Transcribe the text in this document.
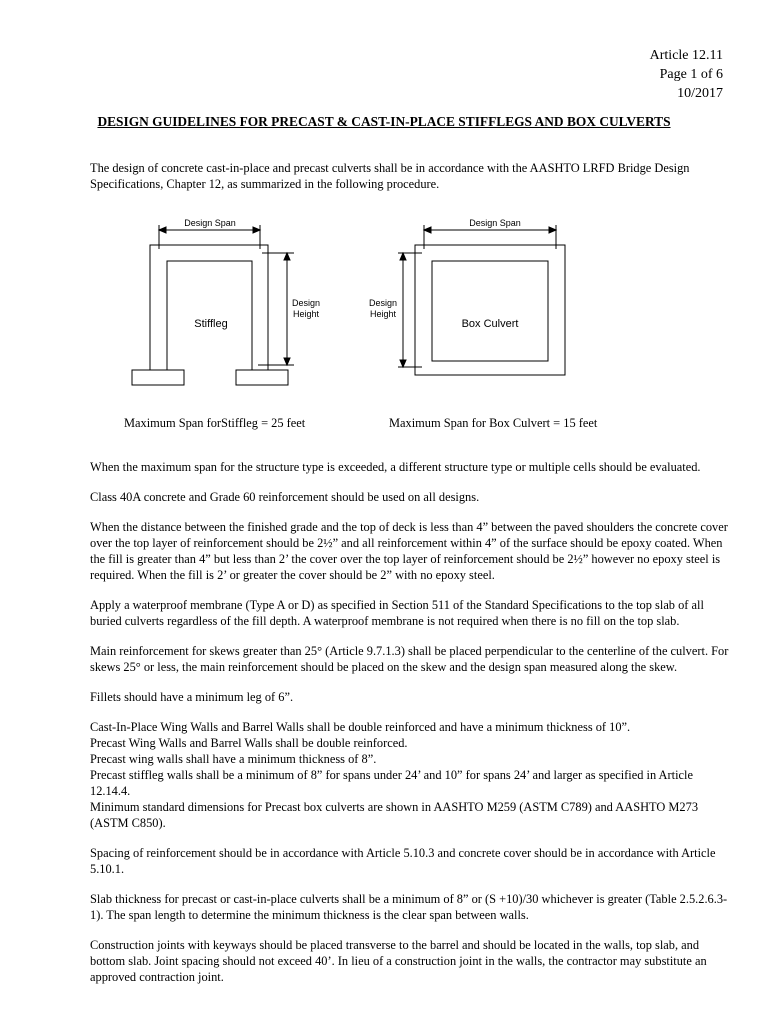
Article 12.11
Page 1 of 6
10/2017
DESIGN GUIDELINES FOR PRECAST & CAST-IN-PLACE STIFFLEGS AND BOX CULVERTS

The design of concrete cast-in-place and precast culverts shall be in accordance with the AASHTO LRFD Bridge Design Specifications, Chapter 12, as summarized in the following procedure.

Design Span
Design
Height
Stiffleg
Design Span
Design
Height
Box Culvert
Maximum Span forStiffleg = 25 feet	Maximum Span for Box Culvert = 15 feet

When the maximum span for the structure type is exceeded, a different structure type or multiple cells should be evaluated.

Class 40A concrete and Grade 60 reinforcement should be used on all designs.

When the distance between the finished grade and the top of deck is less than 4” between the paved shoulders the concrete cover over the top layer of reinforcement should be 2½” and all reinforcement within 4” of the surface should be epoxy coated. When the fill is greater than 4” but less than 2’ the cover over the top layer of reinforcement should be 2½” however no epoxy steel is required. When the fill is 2’ or greater the cover should be 2” with no epoxy steel.

Apply a waterproof membrane (Type A or D) as specified in Section 511 of the Standard Specifications to the top slab of all buried culverts regardless of the fill depth. A waterproof membrane is not required when there is no fill on the top slab.

Main reinforcement for skews greater than 25° (Article 9.7.1.3) shall be placed perpendicular to the centerline of the culvert. For skews 25° or less, the main reinforcement should be placed on the skew and the design span measured along the skew.

Fillets should have a minimum leg of 6”.

Cast-In-Place Wing Walls and Barrel Walls shall be double reinforced and have a minimum thickness of 10”.

Precast Wing Walls and Barrel Walls shall be double reinforced.

Precast wing walls shall have a minimum thickness of 8”.

Precast stiffleg walls shall be a minimum of 8” for spans under 24’ and 10” for spans 24’ and larger as specified in Article 12.14.4.

Minimum standard dimensions for Precast box culverts are shown in AASHTO M259 (ASTM C789) and AASHTO M273 (ASTM C850).

Spacing of reinforcement should be in accordance with Article 5.10.3 and concrete cover should be in accordance with Article 5.10.1.

Slab thickness for precast or cast-in-place culverts shall be a minimum of 8” or (S +10)/30 whichever is greater (Table 2.5.2.6.3-1). The span length to determine the minimum thickness is the clear span between walls.

Construction joints with keyways should be placed transverse to the barrel and should be located in the walls, top slab, and bottom slab. Joint spacing should not exceed 40’. In lieu of a construction joint in the walls, the contractor may substitute an approved contraction joint.
